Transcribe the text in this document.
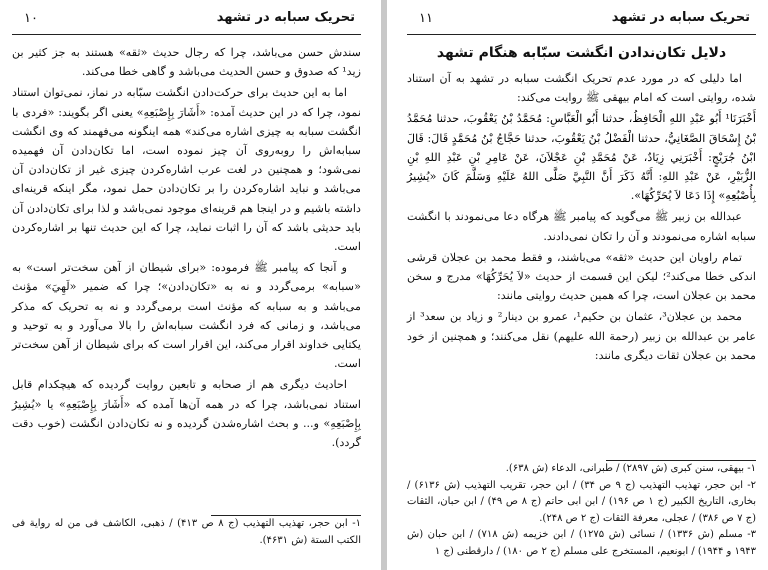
تحریک سبابه در تشهد
۱۱
دلایل تکان‌ندادن انگشت سبّابه هنگام تشهد

اما دلیلی که در مورد عدم تحریک انگشت سبابه در تشهد به آن استناد شده، روایتی است که امام بیهقی ﷺ روایت می‌کند:

أَخْبَرَنَا¹ أَبُو عَبْدِ اللهِ الْحَافِظُ، حدثنا أَبُو الْعَبَّاسِ: مُحَمَّدُ بْنُ يَعْقُوبَ، حدثنا مُحَمَّدُ بْنُ إِسْحَاقَ الصَّغَانِيُّ، حدثنا الْفَضْلُ بْنُ يَعْقُوبَ، حدثنا حَجَّاجُ بْنُ مُحَمَّدٍ قَالَ: قَالَ ابْنُ جُرَيْجٍ: أَخْبَرَنِي زِيَادٌ، عَنْ مُحَمَّدِ بْنِ عَجْلاَنَ، عَنْ عَامِرِ بْنِ عَبْدِ اللهِ بْنِ الزُّبَيْرِ، عَنْ عَبْدِ اللهِ: أَنَّهُ ذَكَرَ أَنَّ النَّبِيَّ صَلَّى اللهُ عَلَيْهِ وَسَلَّمَ كَانَ «يُشِيرُ بِأُصْبُعِهِ» إِذَا دَعَا لاَ يُحَرِّكُهَا».

عبدالله بن زبیر ﷺ می‌گوید که پیامبر ﷺ هرگاه دعا می‌نمودند با انگشت سبابه اشاره می‌نمودند و آن را تکان نمی‌دادند.

تمام راویان این حدیث «ثقه» می‌باشند، و فقط محمد بن عجلان قرشی اندکی خطا می‌کند²؛ لیکن این قسمت از حدیث «لاَ يُحَرِّكُهَا» مدرج و سخن محمد بن عجلان است، چرا که همین حدیث روایتی مانند:

محمد بن عجلان³، عثمان بن حکیم¹، عمرو بن دینار² و زیاد بن سعد³ از عامر بن عبدالله بن زبیر (رحمة الله علیهم) نقل می‌کنند؛ و همچنین از خود محمد بن عجلان ثقات دیگری مانند:

۱- بیهقی، سنن کبری (ش ۲۸۹۷) / طبرانی، الدعاء (ش ۶۳۸).

۲- ابن حجر، تهذیب التهذیب (ج ۹ ص ۳۴) / ابن حجر، تقریب التهذیب (ش ۶۱۳۶) / بخاری، التاریخ الکبیر (ج ۱ ص ۱۹۶) / ابن ابی حاتم (ج ۸ ص ۴۹) / ابن حبان، الثقات (ج ۷ ص ۳۸۶) / عجلی، معرفة الثقات (ج ۲ ص ۲۴۸).

۳- مسلم (ش ۱۳۳۶) / نسائی (ش ۱۲۷۵) / ابن خزیمه (ش ۷۱۸) / ابن حبان (ش ۱۹۴۳ و ۱۹۴۴) / ابونعیم، المستخرج علی مسلم (ج ۲ ص ۱۸۰) / دارقطنی (ج ۱

تحریک سبابه در تشهد
۱۰

سندش حسن می‌باشد، چرا که رجال حدیث «ثقه» هستند به جز کثیر بن زید¹ که صدوق و حسن الحدیث می‌باشد و گاهی خطا می‌کند.

اما به این حدیث برای حرکت‌دادن انگشت سبّابه در نماز، نمی‌توان استناد نمود، چرا که در این حدیث آمده: «أَشَارَ بِإِصْبَعِهِ» یعنی اگر بگویند: «فردی با انگشت سبابه به چیزی اشاره می‌کند» همه اینگونه می‌فهمند که وی انگشت سبابه‌اش را روبه‌روی آن چیز نموده است، اما تکان‌دادن آن فهمیده نمی‌شود؛ و همچنین در لغت عرب اشاره‌کردن چیزی غیر از تکان‌دادن آن می‌باشد و نباید اشاره‌کردن را بر تکان‌دادن حمل نمود، مگر اینکه قرینه‌ای داشته باشیم و در اینجا هم قرینه‌ای موجود نمی‌باشد و لذا برای تکان‌دادن آن باید حدیثی باشد که آن را اثبات نماید، چرا که این حدیث تنها بر اشاره‌کردن است.

و آنجا که پیامبر ﷺ فرموده: «برای شیطان از آهن سخت‌تر است» به «سبابه» برمی‌گردد و نه به «تکان‌دادن»؛ چرا که ضمیر «لَهِيَ» مؤنث می‌باشد و به سبابه که مؤنث است برمی‌گردد و نه به تحریک که مذکر می‌باشد، و زمانی که فرد انگشت سبابه‌اش را بالا می‌آورد و به توحید و یکتایی خداوند اقرار می‌کند، این اقرار است که برای شیطان از آهن سخت‌تر است.

احادیث دیگری هم از صحابه و تابعین روایت گردیده که هیچکدام قابل استناد نمی‌باشد، چرا که در همه آن‌ها آمده که «أَشَارَ بِإِصْبَعِهِ» یا «يُشِيرُ بِإِصْبَعِهِ» و... و بحث اشاره‌شدن گردیده و نه تکان‌دادن انگشت (خوب دقت گردد).

۱- ابن حجر، تهذیب التهذیب (ج ۸ ص ۴۱۳) / ذهبی، الکاشف فی من له روایة فی الکتب الستة (ش ۴۶۳۱).
